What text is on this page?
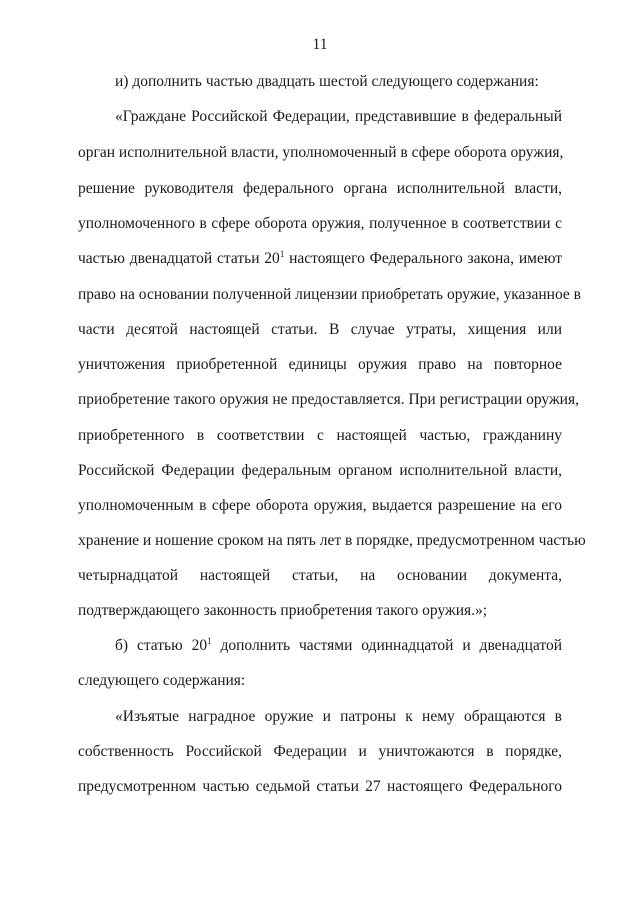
11
и) дополнить частью двадцать шестой следующего содержания:
«Граждане Российской Федерации, представившие в федеральный
орган исполнительной власти, уполномоченный в сфере оборота оружия,
решение руководителя федерального органа исполнительной власти,
уполномоченного в сфере оборота оружия, полученное в соответствии с
частью двенадцатой статьи $20^1$ настоящего Федерального закона, имеют
право на основании полученной лицензии приобретать оружие, указанное в
части десятой настоящей статьи. В случае утраты, хищения или
уничтожения приобретенной единицы оружия право на повторное
приобретение такого оружия не предоставляется. При регистрации оружия,
приобретенного в соответствии с настоящей частью, гражданину
Российской Федерации федеральным органом исполнительной власти,
уполномоченным в сфере оборота оружия, выдается разрешение на его
хранение и ношение сроком на пять лет в порядке, предусмотренном частью
четырнадцатой настоящей статьи, на основании документа,
подтверждающего законность приобретения такого оружия.»;
б) статью $20^1$ дополнить частями одиннадцатой и двенадцатой
следующего содержания:
«Изъятые наградное оружие и патроны к нему обращаются в
собственность Российской Федерации и уничтожаются в порядке,
предусмотренном частью седьмой статьи 27 настоящего Федерального
